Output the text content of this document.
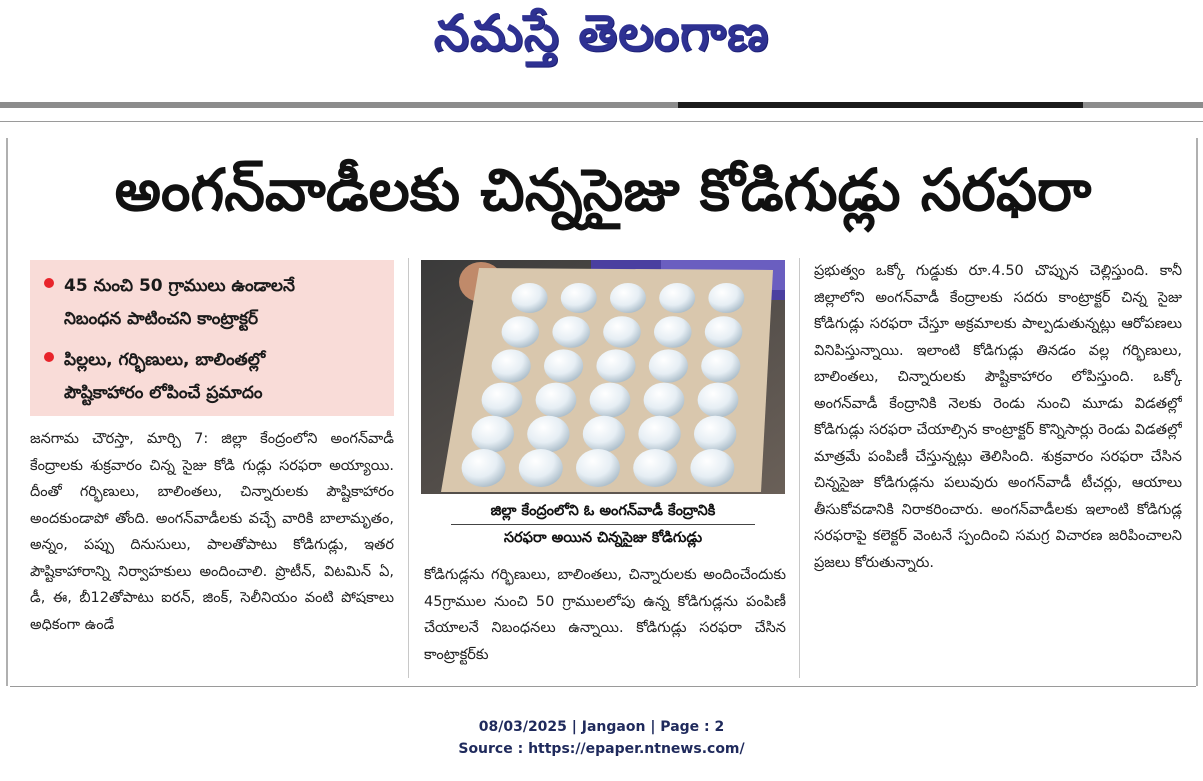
నమస్తే తెలంగాణ
అంగన్‌వాడీలకు చిన్నసైజు కోడిగుడ్లు సరఫరా
45 నుంచి 50 గ్రాములు ఉండాలనే
నిబంధన పాటించని కాంట్రాక్టర్
పిల్లలు, గర్భిణులు, బాలింతల్లో
పౌష్టికాహారం లోపించే ప్రమాదం

జనగామ చౌరస్తా, మార్చి 7: జిల్లా కేంద్రంలోని అంగన్‌వాడీ కేంద్రాలకు శుక్రవారం చిన్న సైజు కోడి గుడ్లు సరఫరా అయ్యాయి. దీంతో గర్భిణులు, బాలింతలు, చిన్నారులకు పౌష్టికాహారం అందకుండాపో తోంది. అంగన్‌వాడీలకు వచ్చే వారికి బాలామృతం, అన్నం, పప్పు దినుసులు, పాలతోపాటు కోడిగుడ్లు, ఇతర పౌష్టికాహారాన్ని నిర్వాహకులు అందించాలి. ప్రొటీన్, విటమిన్ ఏ, డీ, ఈ, బీ12తోపాటు ఐరన్, జింక్, సెలీనియం వంటి పోషకాలు అధికంగా ఉండే

జిల్లా కేంద్రంలోని ఓ అంగన్‌వాడీ కేంద్రానికి
సరఫరా అయిన చిన్నసైజు కోడిగుడ్లు

కోడిగుడ్లను గర్భిణులు, బాలింతలు, చిన్నారులకు అందించేందుకు 45గ్రాముల నుంచి 50 గ్రాములలోపు ఉన్న కోడిగుడ్లను పంపిణీ చేయాలనే నిబంధనలు ఉన్నాయి. కోడిగుడ్లు సరఫరా చేసిన కాంట్రాక్టర్‌కు

ప్రభుత్వం ఒక్కో గుడ్డుకు రూ.4.50 చొప్పున చెల్లిస్తుంది. కానీ జిల్లాలోని అంగన్‌వాడీ కేంద్రాలకు సదరు కాంట్రాక్టర్ చిన్న సైజు కోడిగుడ్లు సరఫరా చేస్తూ అక్రమాలకు పాల్పడుతున్నట్లు ఆరోపణలు వినిపిస్తున్నాయి. ఇలాంటి కోడిగుడ్లు తినడం వల్ల గర్భిణులు, బాలింతలు, చిన్నారులకు పౌష్టికాహారం లోపిస్తుంది. ఒక్కో అంగన్‌వాడీ కేంద్రానికి నెలకు రెండు నుంచి మూడు విడతల్లో కోడిగుడ్లు సరఫరా చేయాల్సిన కాంట్రాక్టర్ కొన్నిసార్లు రెండు విడతల్లో మాత్రమే పంపిణీ చేస్తున్నట్లు తెలిసింది. శుక్రవారం సరఫరా చేసిన చిన్నసైజు కోడిగుడ్లను పలువురు అంగన్‌వాడీ టీచర్లు, ఆయాలు తీసుకోవడానికి నిరాకరించారు. అంగన్‌వాడీలకు ఇలాంటి కోడిగుడ్ల సరఫరాపై కలెక్టర్ వెంటనే స్పందించి సమగ్ర విచారణ జరిపించాలని ప్రజలు కోరుతున్నారు.

08/03/2025 | Jangaon | Page : 2
Source : https://epaper.ntnews.com/
